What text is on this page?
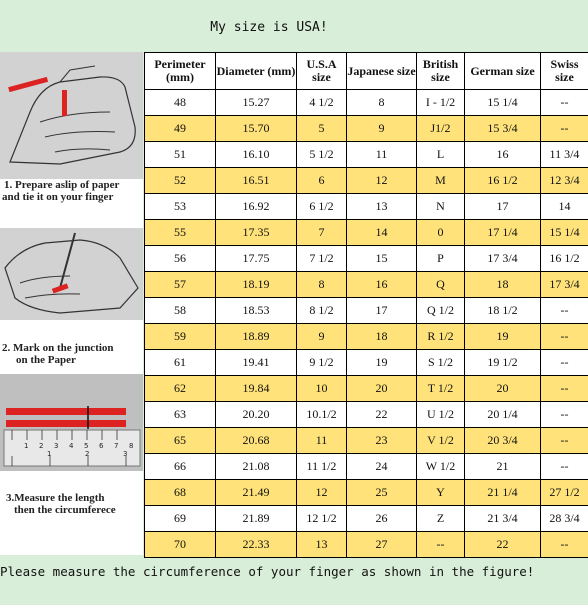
My size is USA!
1. Prepare aslip of paper
and tie it on your finger
2. Mark on the junction
on the Paper
1 2 3 4 5 6 7 8
1	2	3
3.Measure the length
then the circumferece
Perimeter (mm)	Diameter (mm)	U.S.A size	Japanese size	British size	German size	Swiss size
48	15.27	4 1/2	8	I - 1/2	15 1/4	--
49	15.70	5	9	J1/2	15 3/4	--
51	16.10	5 1/2	11	L	16	11 3/4
52	16.51	6	12	M	16 1/2	12 3/4
53	16.92	6 1/2	13	N	17	14
55	17.35	7	14	0	17 1/4	15 1/4
56	17.75	7 1/2	15	P	17 3/4	16 1/2
57	18.19	8	16	Q	18	17 3/4
58	18.53	8 1/2	17	Q 1/2	18 1/2	--
59	18.89	9	18	R 1/2	19	--
61	19.41	9 1/2	19	S 1/2	19 1/2	--
62	19.84	10	20	T 1/2	20	--
63	20.20	10.1/2	22	U 1/2	20 1/4	--
65	20.68	11	23	V 1/2	20 3/4	--
66	21.08	11 1/2	24	W 1/2	21	--
68	21.49	12	25	Y	21 1/4	27 1/2
69	21.89	12 1/2	26	Z	21 3/4	28 3/4
70	22.33	13	27	--	22	--
Please measure the circumference of your finger as shown in the figure!
